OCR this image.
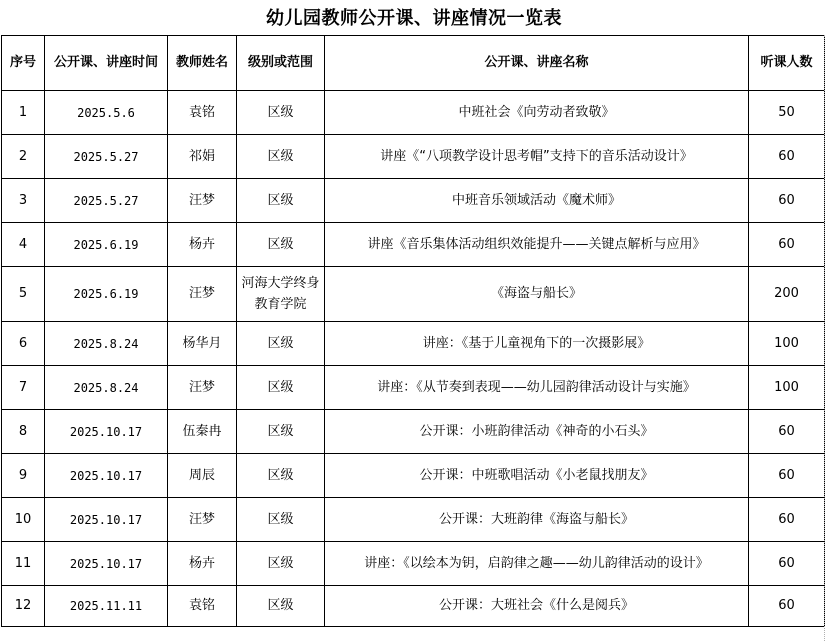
幼儿园教师公开课、讲座情况一览表
序号	公开课、讲座时间	教师姓名	级别或范围	公开课、讲座名称	听课人数
1	2025.5.6	袁铭	区级	中班社会《向劳动者致敬》	50
2	2025.5.27	祁娟	区级	讲座《“八项教学设计思考帽”支持下的音乐活动设计》	60
3	2025.5.27	汪梦	区级	中班音乐领域活动《魔术师》	60
4	2025.6.19	杨卉	区级	讲座《音乐集体活动组织效能提升——关键点解析与应用》	60
5	2025.6.19	汪梦	河海大学终身教育学院	《海盗与船长》	200
6	2025.8.24	杨华月	区级	讲座：《基于儿童视角下的一次摄影展》	100
7	2025.8.24	汪梦	区级	讲座：《从节奏到表现——幼儿园韵律活动设计与实施》	100
8	2025.10.17	伍秦冉	区级	公开课：小班韵律活动《神奇的小石头》	60
9	2025.10.17	周辰	区级	公开课：中班歌唱活动《小老鼠找朋友》	60
10	2025.10.17	汪梦	区级	公开课：大班韵律《海盗与船长》	60
11	2025.10.17	杨卉	区级	讲座：《以绘本为钥，启韵律之趣——幼儿韵律活动的设计》	60
12	2025.11.11	袁铭	区级	公开课：大班社会《什么是阅兵》	60
